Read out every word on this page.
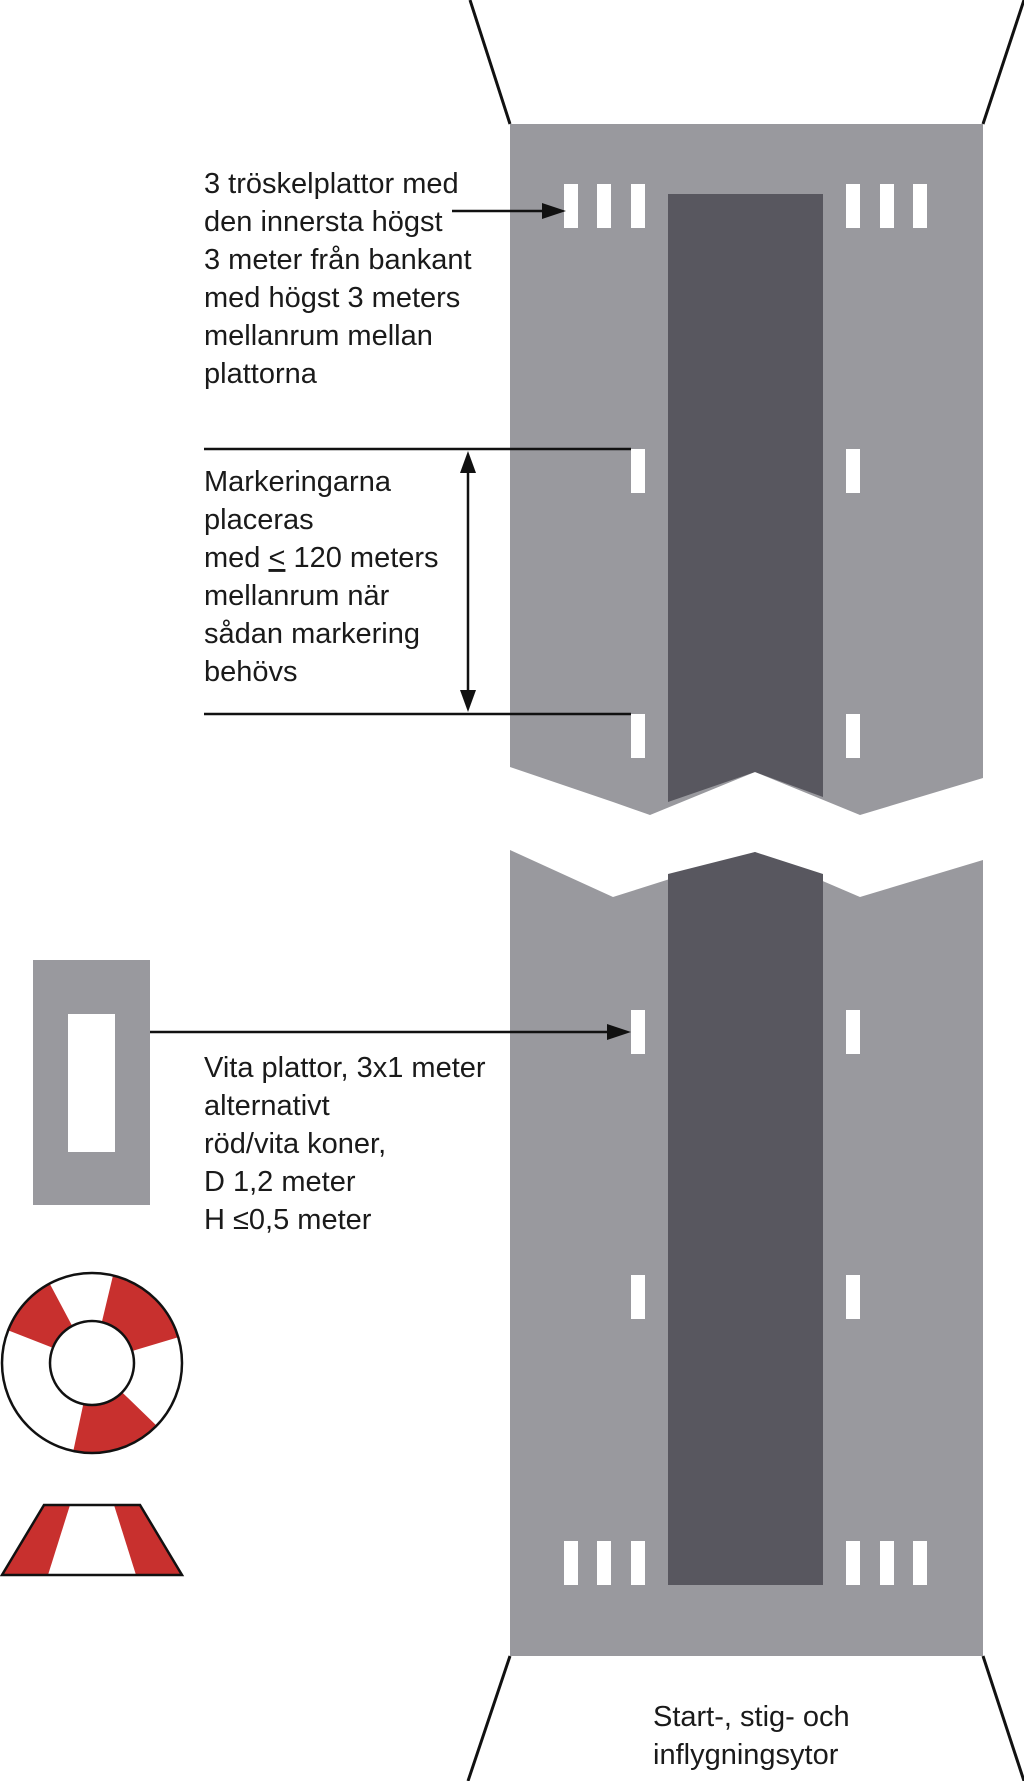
3 tröskelplattor med
den innersta högst
3 meter från bankant
med högst 3 meters
mellanrum mellan
plattorna
Markeringarna
placeras
med < 120 meters
mellanrum när
sådan markering
behövs
Vita plattor, 3x1 meter
alternativt
röd/vita koner,
D 1,2 meter
H ≤0,5 meter
Start-, stig- och
inflygningsytor
